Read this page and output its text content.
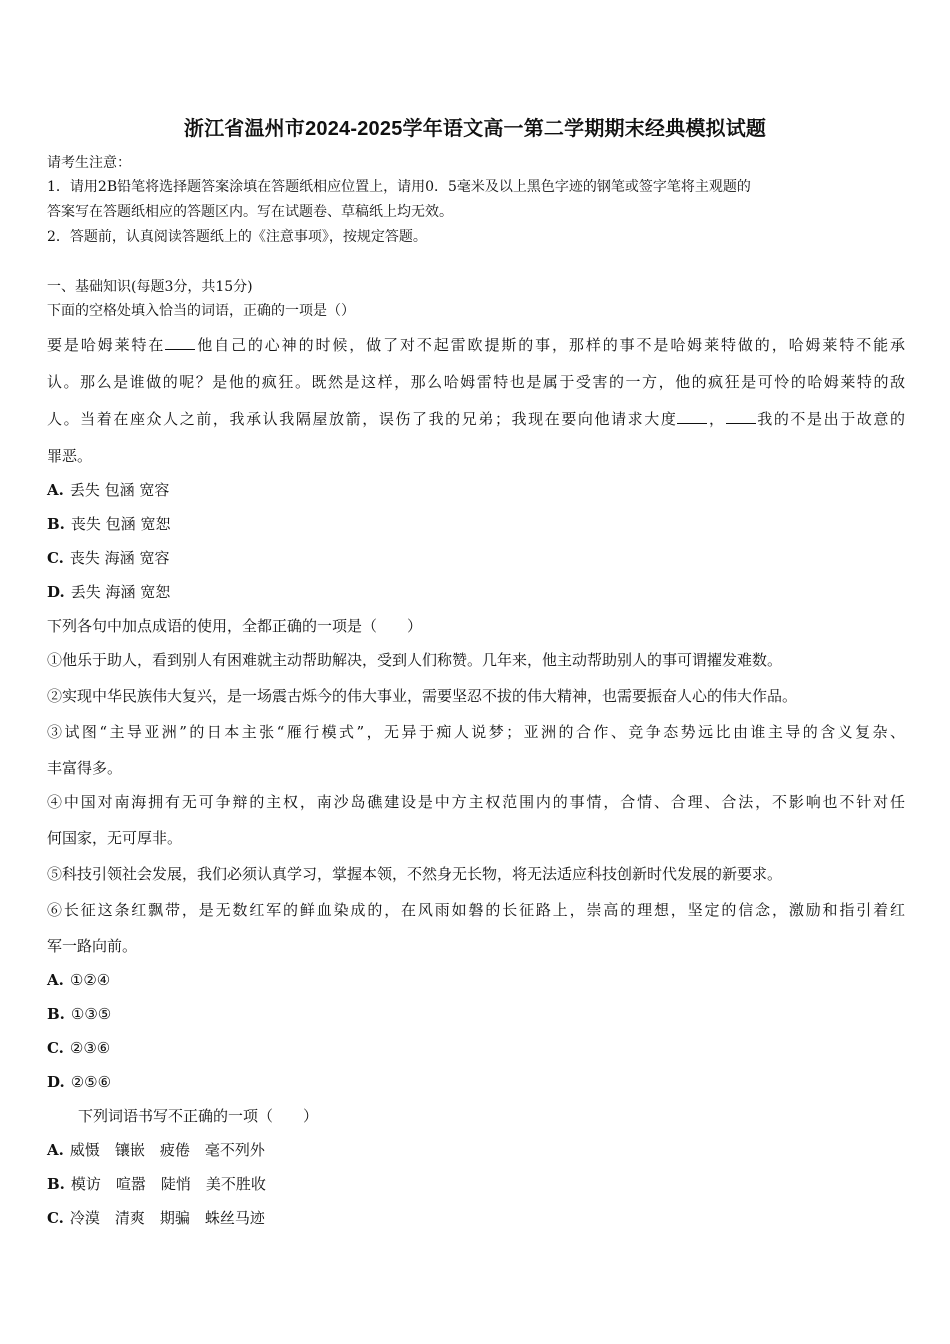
浙江省温州市2024-2025学年语文高一第二学期期末经典模拟试题
请考生注意：
1．请用2B铅笔将选择题答案涂填在答题纸相应位置上，请用0．5毫米及以上黑色字迹的钢笔或签字笔将主观题的
答案写在答题纸相应的答题区内。写在试题卷、草稿纸上均无效。
2．答题前，认真阅读答题纸上的《注意事项》，按规定答题。
一、基础知识(每题3分，共15分)
下面的空格处填入恰当的词语，正确的一项是（）
要是哈姆莱特在 他自己的心神的时候，做了对不起雷欧提斯的事，那样的事不是哈姆莱特做的，哈姆莱特不能承
认。那么是谁做的呢？是他的疯狂。既然是这样，那么哈姆雷特也是属于受害的一方，他的疯狂是可怜的哈姆莱特的敌
人。当着在座众人之前，我承认我隔屋放箭，误伤了我的兄弟；我现在要向他请求大度 ， 我的不是出于故意的
罪恶。
A. 丢失 包涵 宽容
B. 丧失 包涵 宽恕
C. 丧失 海涵 宽容
D. 丢失 海涵 宽恕
下列各句中加点成语的使用，全都正确的一项是（　　）
①他乐于助人，看到别人有困难就主动帮助解决，受到人们称赞。几年来，他主动帮助别人的事可谓擢发难数。
②实现中华民族伟大复兴，是一场震古烁今的伟大事业，需要坚忍不拔的伟大精神，也需要振奋人心的伟大作品。
③试图“主导亚洲”的日本主张“雁行模式”，无异于痴人说梦；亚洲的合作、竞争态势远比由谁主导的含义复杂、
丰富得多。
④中国对南海拥有无可争辩的主权，南沙岛礁建设是中方主权范围内的事情，合情、合理、合法，不影响也不针对任
何国家，无可厚非。
⑤科技引领社会发展，我们必须认真学习，掌握本领，不然身无长物，将无法适应科技创新时代发展的新要求。
⑥长征这条红飘带，是无数红军的鲜血染成的，在风雨如磐的长征路上，崇高的理想，坚定的信念，激励和指引着红
军一路向前。
A. ①②④
B. ①③⑤
C. ②③⑥
D. ②⑤⑥
下列词语书写不正确的一项（　　）
A. 威慑　镶嵌　疲倦　毫不列外
B. 模访　喧嚣　陡悄　美不胜收
C. 冷漠　清爽　期骗　蛛丝马迹
